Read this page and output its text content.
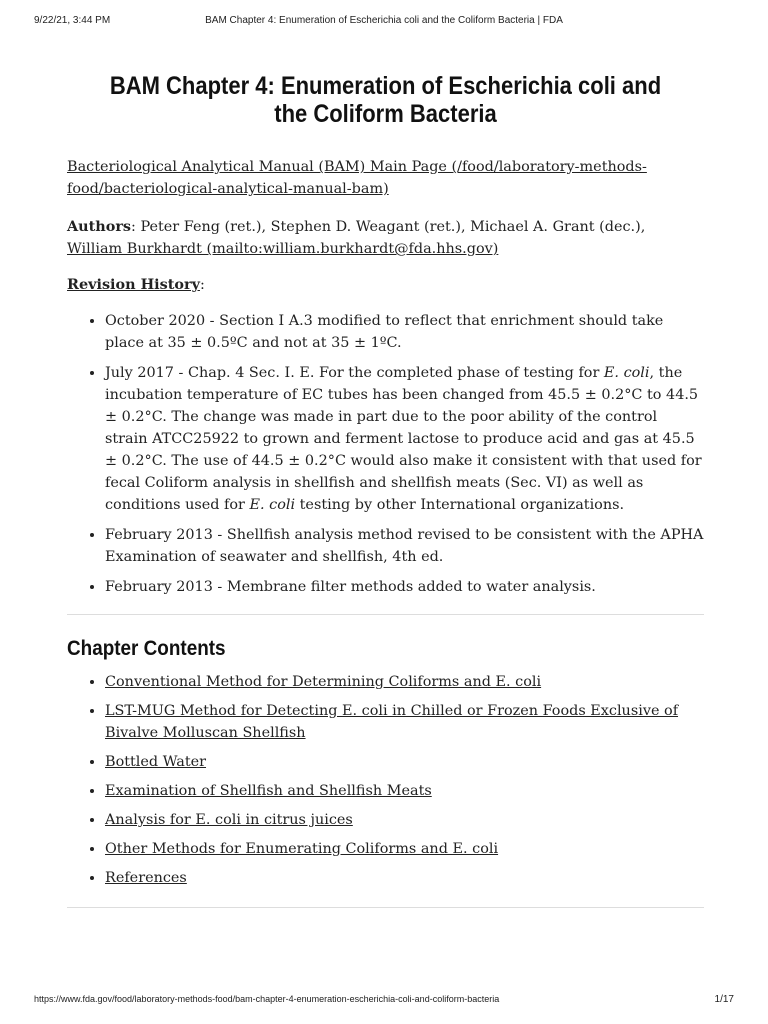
9/22/21, 3:44 PM	BAM Chapter 4: Enumeration of Escherichia coli and the Coliform Bacteria | FDA
BAM Chapter 4: Enumeration of Escherichia coli and the Coliform Bacteria

Bacteriological Analytical Manual (BAM) Main Page (/food/laboratory-methods-food/bacteriological-analytical-manual-bam)

Authors: Peter Feng (ret.), Stephen D. Weagant (ret.), Michael A. Grant (dec.), William Burkhardt (mailto:william.burkhardt@fda.hhs.gov)

Revision History:

• October 2020 - Section I A.3 modified to reflect that enrichment should take place at 35 ± 0.5ºC and not at 35 ± 1ºC.
• July 2017 - Chap. 4 Sec. I. E. For the completed phase of testing for E. coli, the incubation temperature of EC tubes has been changed from 45.5 ± 0.2°C to 44.5 ± 0.2°C. The change was made in part due to the poor ability of the control strain ATCC25922 to grown and ferment lactose to produce acid and gas at 45.5 ± 0.2°C. The use of 44.5 ± 0.2°C would also make it consistent with that used for fecal Coliform analysis in shellfish and shellfish meats (Sec. VI) as well as conditions used for E. coli testing by other International organizations.
• February 2013 - Shellfish analysis method revised to be consistent with the APHA Examination of seawater and shellfish, 4th ed.
• February 2013 - Membrane filter methods added to water analysis.
Chapter Contents
• Conventional Method for Determining Coliforms and E. coli
• LST-MUG Method for Detecting E. coli in Chilled or Frozen Foods Exclusive of Bivalve Molluscan Shellfish
• Bottled Water
• Examination of Shellfish and Shellfish Meats
• Analysis for E. coli in citrus juices
• Other Methods for Enumerating Coliforms and E. coli
• References
https://www.fda.gov/food/laboratory-methods-food/bam-chapter-4-enumeration-escherichia-coli-and-coliform-bacteria	1/17
